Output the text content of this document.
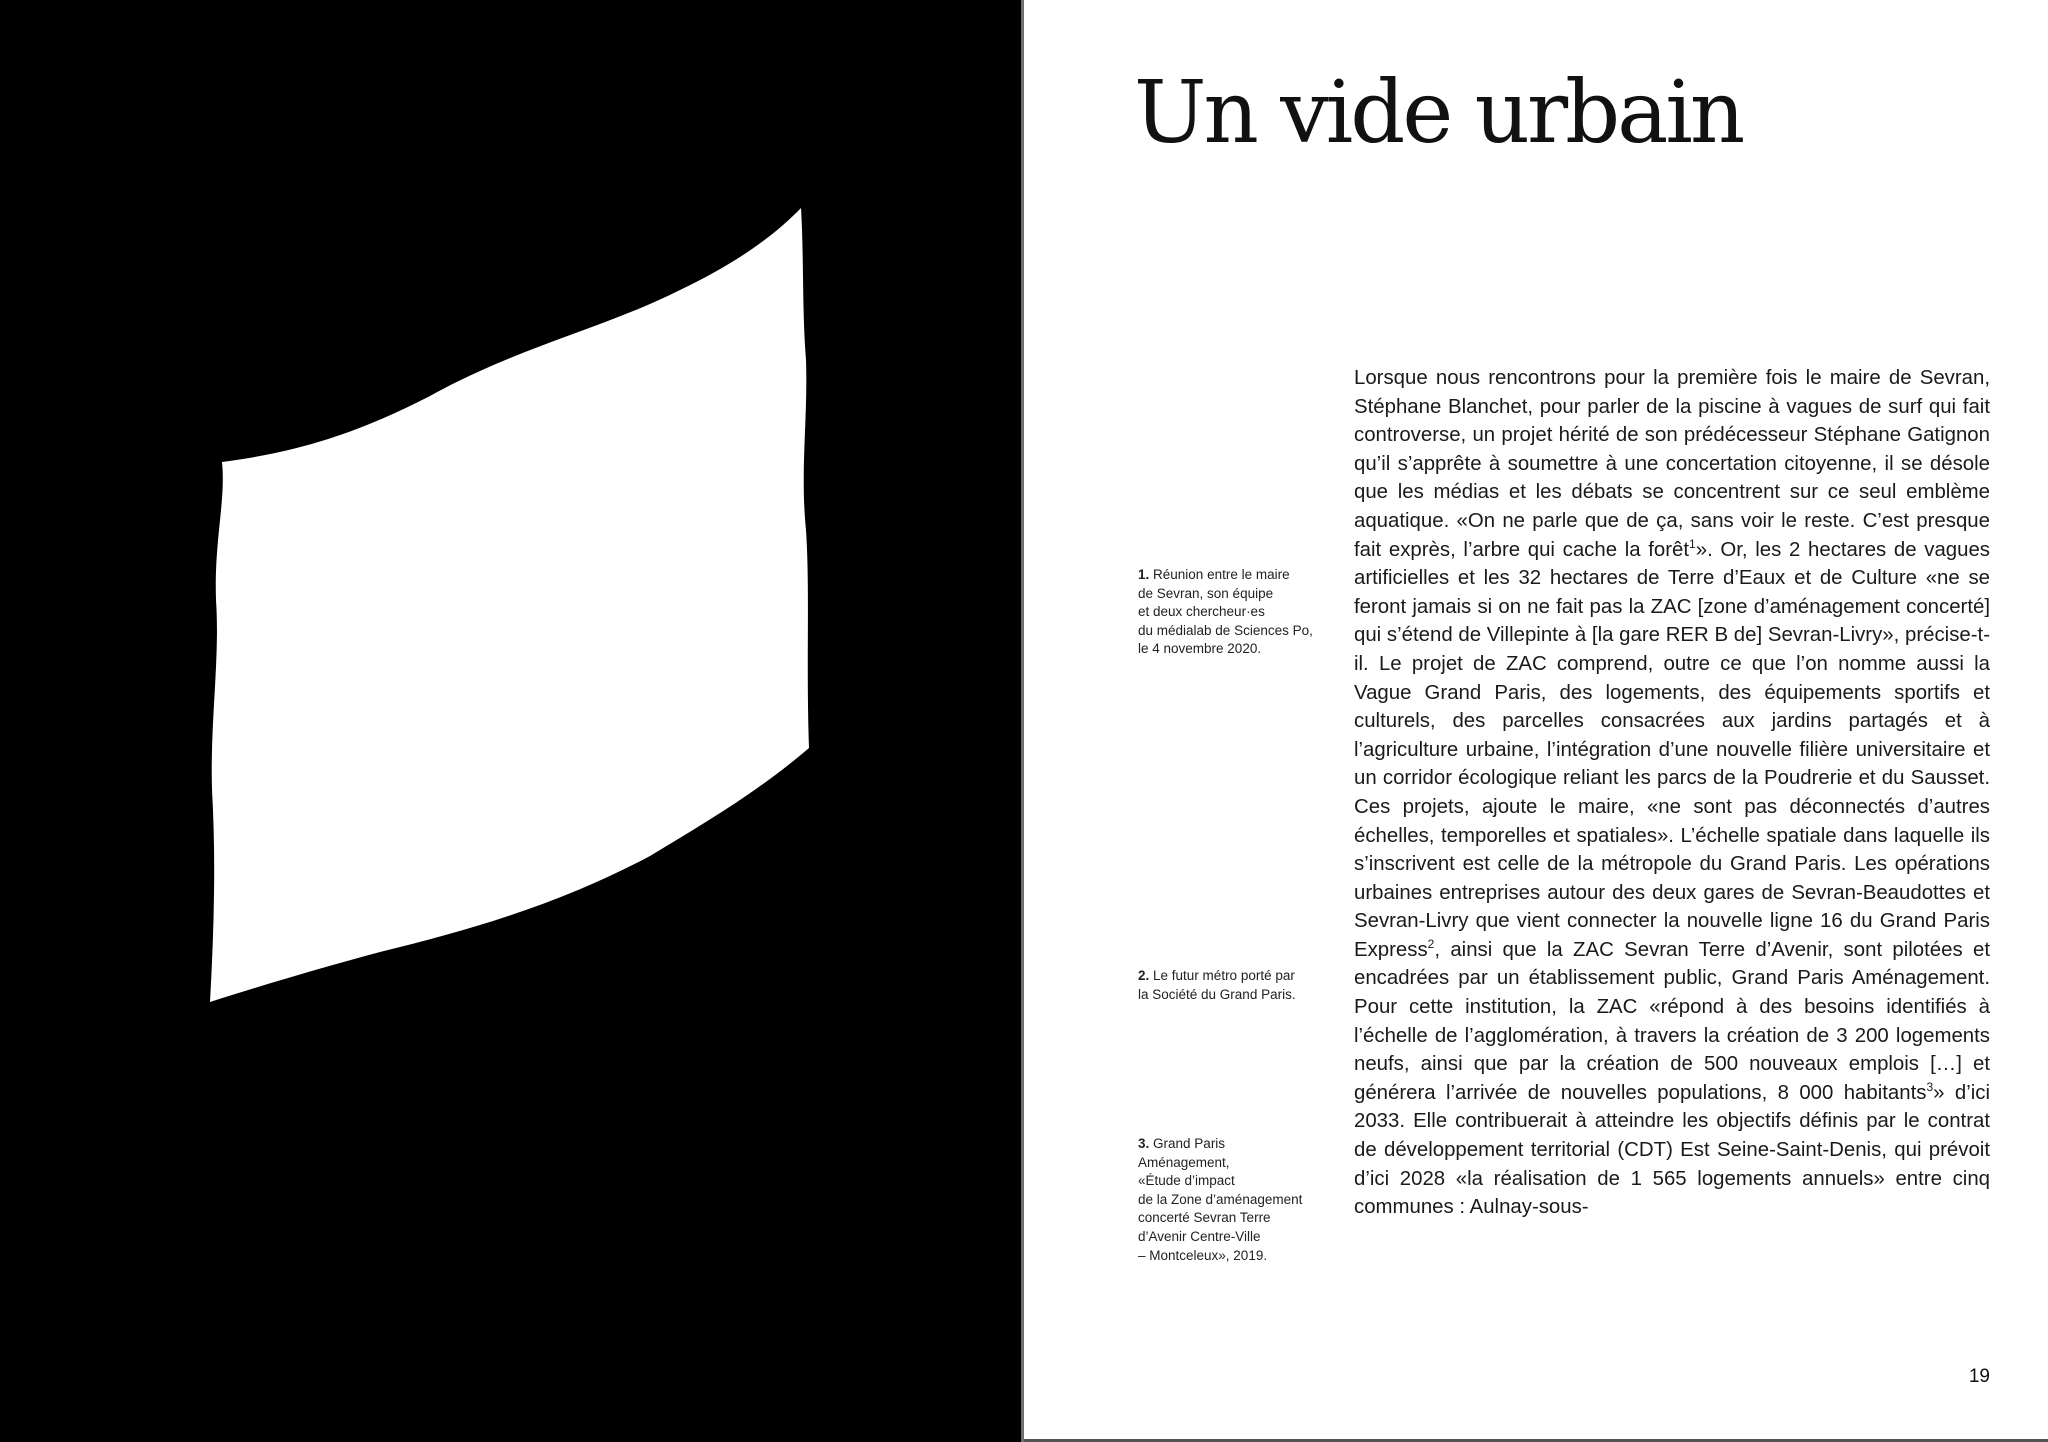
Un vide urbain
1. Réunion entre le maire
de Sevran, son équipe
et deux chercheur·es
du médialab de Sciences Po,
le 4 novembre 2020.
2. Le futur métro porté par
la Société du Grand Paris.
3. Grand Paris
Aménagement,
«Étude d’impact
de la Zone d’aménagement
concerté Sevran Terre
d’Avenir Centre-Ville
– Montceleux», 2019.

Lorsque nous rencontrons pour la première fois le maire de Sevran, Stéphane Blanchet, pour parler de la piscine à vagues de surf qui fait controverse, un projet hérité de son prédécesseur Stéphane Gatignon qu’il s’apprête à soumettre à une concertation citoyenne, il se désole que les médias et les débats se concentrent sur ce seul emblème aquatique. «On ne parle que de ça, sans voir le reste. C’est presque fait exprès, l’arbre qui cache la forêt$^1$». Or, les 2 hectares de vagues artificielles et les 32 hectares de Terre d’Eaux et de Culture «ne se feront jamais si on ne fait pas la ZAC [zone d’aménagement concerté] qui s’étend de Villepinte à [la gare RER B de] Sevran-Livry», précise-t-il. Le projet de ZAC comprend, outre ce que l’on nomme aussi la Vague Grand Paris, des logements, des équipements sportifs et culturels, des parcelles consacrées aux jardins partagés et à l’agriculture urbaine, l’intégration d’une nouvelle filière universitaire et un corridor écologique reliant les parcs de la Poudrerie et du Sausset. Ces projets, ajoute le maire, «ne sont pas déconnectés d’autres échelles, temporelles et spatiales». L’échelle spatiale dans laquelle ils s’inscrivent est celle de la métropole du Grand Paris. Les opérations urbaines entreprises autour des deux gares de Sevran-Beaudottes et Sevran-Livry que vient connecter la nouvelle ligne 16 du Grand Paris Express$^2$, ainsi que la ZAC Sevran Terre d’Avenir, sont pilotées et encadrées par un établissement public, Grand Paris Aménagement. Pour cette institution, la ZAC «répond à des besoins identifiés à l’échelle de l’agglomération, à travers la création de 3 200 logements neufs, ainsi que par la création de 500 nouveaux emplois […] et générera l’arrivée de nouvelles populations, 8 000 habitants$^3$» d’ici 2033. Elle contribuerait à atteindre les objectifs définis par le contrat de développement territorial (CDT) Est Seine-Saint-Denis, qui prévoit d’ici 2028 «la réalisation de 1 565 logements annuels» entre cinq communes : Aulnay-sous-

19
